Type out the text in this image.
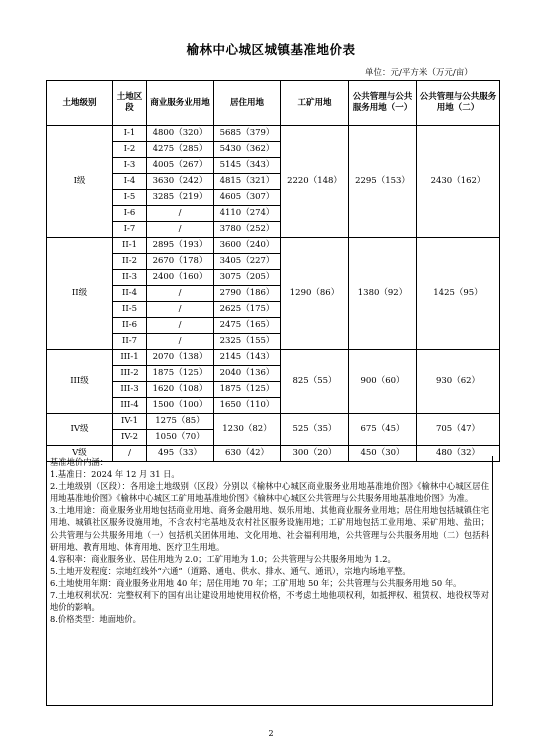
榆林中心城区城镇基准地价表
单位：元/平方米（万元/亩）
土地级别	土地区段	商业服务业用地	居住用地	工矿用地	公共管理与公共服务用地（一）	公共管理与公共服务用地（二）
I级	I-1	4800（320）	5685（379）	2220（148）	2295（153）	2430（162）
	I-2	4275（285）	5430（362）			
	I-3	4005（267）	5145（343）			
	I-4	3630（242）	4815（321）			
	I-5	3285（219）	4605（307）			
	I-6	/	4110（274）			
	I-7	/	3780（252）			
II级	II-1	2895（193）	3600（240）	1290（86）	1380（92）	1425（95）
	II-2	2670（178）	3405（227）			
	II-3	2400（160）	3075（205）			
	II-4	/	2790（186）			
	II-5	/	2625（175）			
	II-6	/	2475（165）			
	II-7	/	2325（155）			
III级	III-1	2070（138）	2145（143）	825（55）	900（60）	930（62）
	III-2	1875（125）	2040（136）			
	III-3	1620（108）	1875（125）			
	III-4	1500（100）	1650（110）			
IV级	IV-1	1275（85）	1230（82）	525（35）	675（45）	705（47）
	IV-2	1050（70）				
V级	/	495（33）	630（42）	300（20）	450（30）	480（32）
基准地价内涵：
1.基准日：2024 年 12 月 31 日。
2.土地级别（区段）：各用途土地级别（区段）分别以《榆林中心城区商业服务业用地基准地价图》《榆林中心城区居住用地基准地价图》《榆林中心城区工矿用地基准地价图》《榆林中心城区公共管理与公共服务用地基准地价图》为准。
3.土地用途：商业服务业用地包括商业用地、商务金融用地、娱乐用地、其他商业服务业用地；居住用地包括城镇住宅用地、城镇社区服务设施用地，不含农村宅基地及农村社区服务设施用地；工矿用地包括工业用地、采矿用地、盐田；公共管理与公共服务用地（一）包括机关团体用地、文化用地、社会福利用地，公共管理与公共服务用地（二）包括科研用地、教育用地、体育用地、医疗卫生用地。
4.容积率：商业服务业、居住用地为 2.0；工矿用地为 1.0；公共管理与公共服务用地为 1.2。
5.土地开发程度：宗地红线外“六通”（道路、通电、供水、排水、通气、通讯），宗地内场地平整。
6.土地使用年期：商业服务业用地 40 年；居住用地 70 年；工矿用地 50 年；公共管理与公共服务用地 50 年。
7.土地权利状况：完整权利下的国有出让建设用地使用权价格，不考虑土地他项权利，如抵押权、租赁权、地役权等对地价的影响。
8.价格类型：地面地价。
2
